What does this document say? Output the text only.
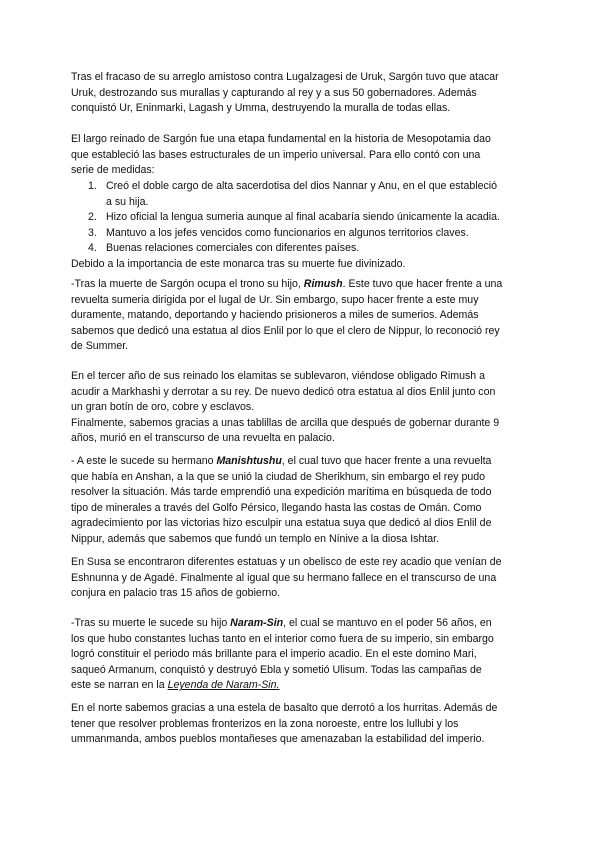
Tras el fracaso de su arreglo amistoso contra Lugalzagesi de Uruk, Sargón tuvo que atacar
Uruk, destrozando sus murallas y capturando al rey y a sus 50 gobernadores. Además
conquistó Ur, Eninmarki, Lagash y Umma, destruyendo la muralla de todas ellas.

El largo reinado de Sargón fue una etapa fundamental en la historia de Mesopotamia dao
que estableció las bases estructurales de un imperio universal. Para ello contó con una
serie de medidas:

1. Creó el doble cargo de alta sacerdotisa del dios Nannar y Anu, en el que estableció
a su hija.
2. Hizo oficial la lengua sumeria aunque al final acabaría siendo únicamente la acadia.
3. Mantuvo a los jefes vencidos como funcionarios en algunos territorios claves.
4. Buenas relaciones comerciales con diferentes países.

Debido a la importancia de este monarca tras su muerte fue divinizado.

-Tras la muerte de Sargón ocupa el trono su hijo, Rimush. Este tuvo que hacer frente a una
revuelta sumeria dirigida por el lugal de Ur. Sin embargo, supo hacer frente a este muy
duramente, matando, deportando y haciendo prisioneros a miles de sumerios. Además
sabemos que dedicó una estatua al dios Enlil por lo que el clero de Nippur, lo reconoció rey
de Summer.

En el tercer año de sus reinado los elamitas se sublevaron, viéndose obligado Rimush a
acudir a Markhashi y derrotar a su rey. De nuevo dedicó otra estatua al dios Enlil junto con
un gran botín de oro, cobre y esclavos.
Finalmente, sabemos gracias a unas tablillas de arcilla que después de gobernar durante 9
años, murió en el transcurso de una revuelta en palacio.

- A este le sucede su hermano Manishtushu, el cual tuvo que hacer frente a una revuelta
que había en Anshan, a la que se unió la ciudad de Sherikhum, sin embargo el rey pudo
resolver la situación. Más tarde emprendió una expedición marítima en búsqueda de todo
tipo de minerales a través del Golfo Pérsico, llegando hasta las costas de Omán. Como
agradecimiento por las victorias hizo esculpir una estatua suya que dedicó al dios Enlil de
Nippur, además que sabemos que fundó un templo en Nínive a la diosa Ishtar.

En Susa se encontraron diferentes estatuas y un obelisco de este rey acadio que venían de
Eshnunna y de Agadé. Finalmente al igual que su hermano fallece en el transcurso de una
conjura en palacio tras 15 años de gobierno.

-Tras su muerte le sucede su hijo Naram-Sin, el cual se mantuvo en el poder 56 años, en
los que hubo constantes luchas tanto en el interior como fuera de su imperio, sin embargo
logró constituir el periodo más brillante para el imperio acadio. En el este domino Mari,
saqueó Armanum, conquistó y destruyó Ebla y sometió Ulisum. Todas las campañas de
este se narran en la Leyenda de Naram-Sin.

En el norte sabemos gracias a una estela de basalto que derrotó a los hurritas. Además de
tener que resolver problemas fronterizos en la zona noroeste, entre los lullubi y los
ummanmanda, ambos pueblos montañeses que amenazaban la estabilidad del imperio.
